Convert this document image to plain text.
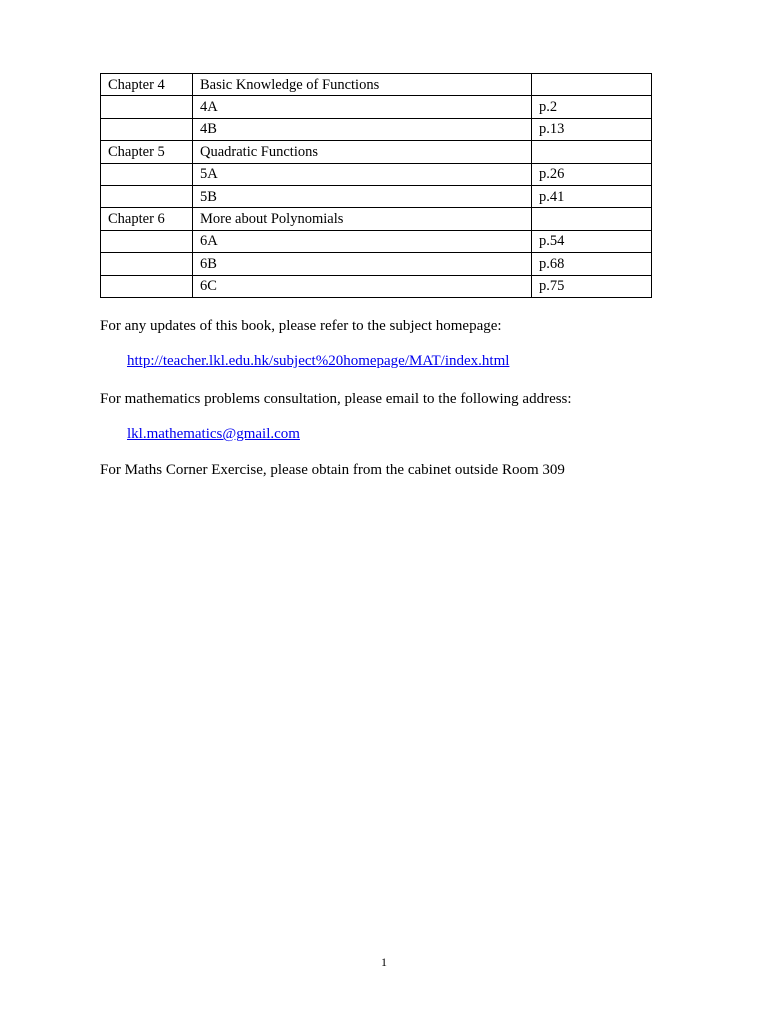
Chapter 4	Basic Knowledge of Functions	
	4A	p.2
	4B	p.13
Chapter 5	Quadratic Functions	
	5A	p.26
	5B	p.41
Chapter 6	More about Polynomials	
	6A	p.54
	6B	p.68
	6C	p.75

For any updates of this book, please refer to the subject homepage:

http://teacher.lkl.edu.hk/subject%20homepage/MAT/index.html

For mathematics problems consultation, please email to the following address:

lkl.mathematics@gmail.com

For Maths Corner Exercise, please obtain from the cabinet outside Room 309

1
